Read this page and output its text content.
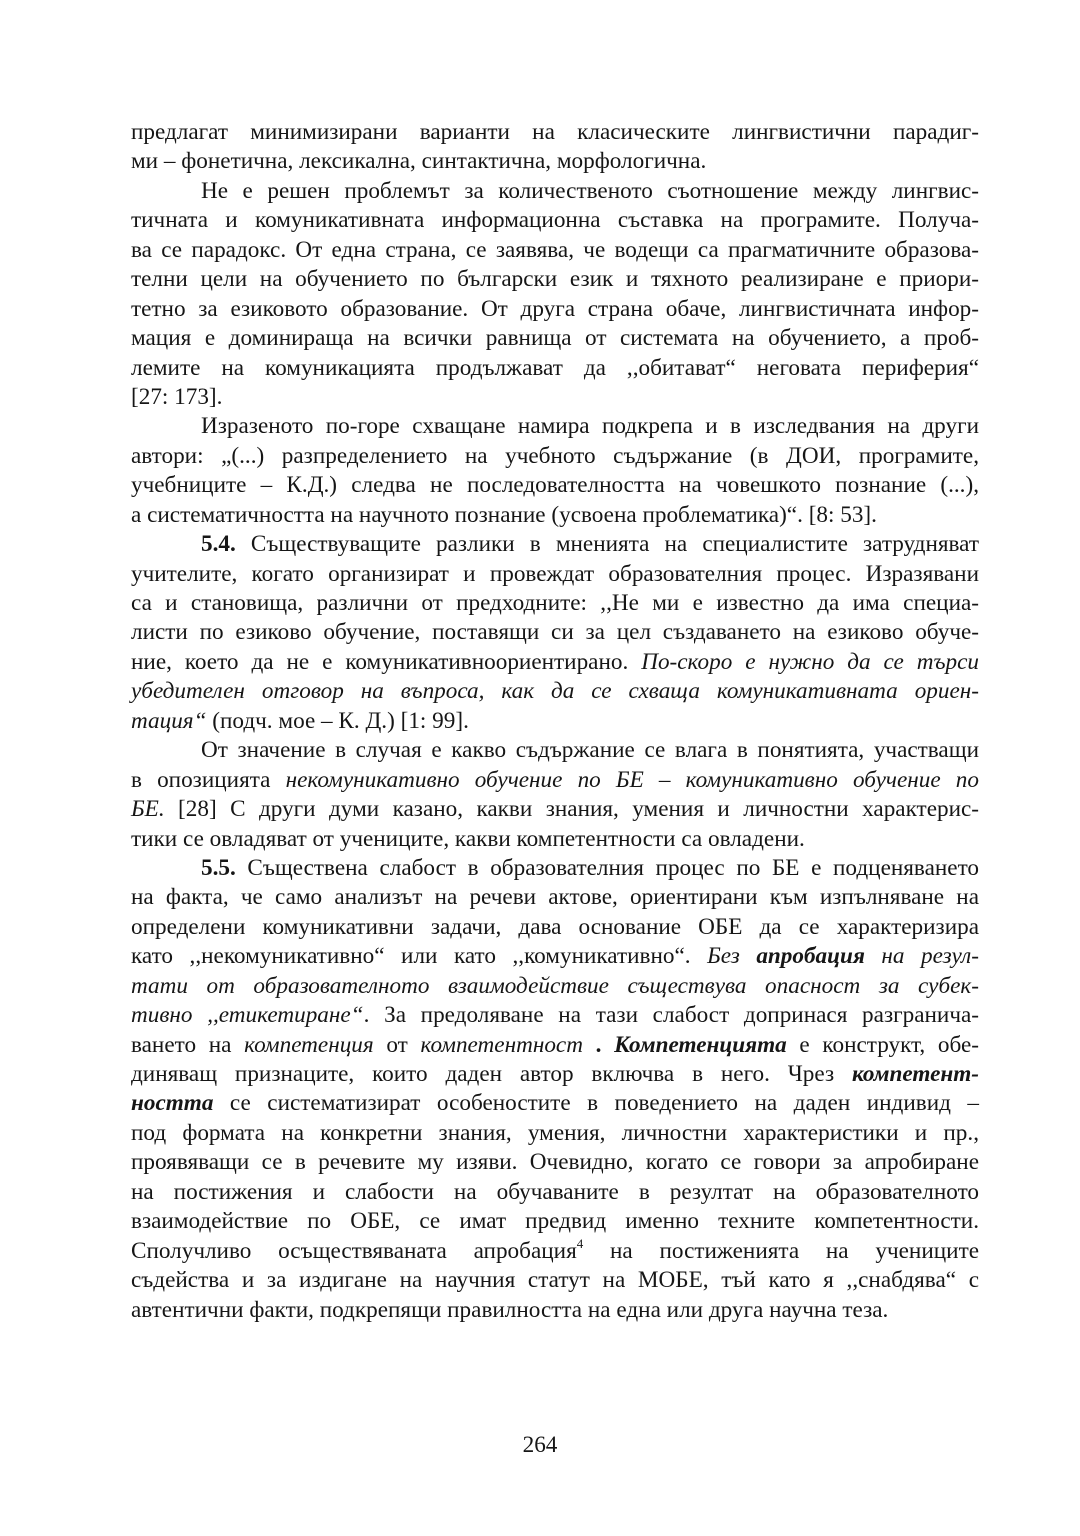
предлагат минимизирани варианти на класическите лингвистични парадиг-
ми – фонетична, лексикална, синтактична, морфологична.
Не е решен проблемът за количественото съотношение между лингвис-
тичната и комуникативната информационна съставка на програмите. Получа-
ва се парадокс. От една страна, се заявява, че водещи са прагматичните образова-
телни цели на обучението по български език и тяхното реализиране е приори-
тетно за езиковото образование. От друга страна обаче, лингвистичната инфор-
мация е доминираща на всички равнища от системата на обучението, а проб-
лемите на комуникацията продължават да ,,обитават“ неговата периферия“
[27: 173].
Изразеното по-горе схващане намира подкрепа и в изследвания на други
автори: „(...) разпределението на учебното съдържание (в ДОИ, програмите,
учебниците – К.Д.) следва не последователността на човешкото познание (...),
а систематичността на научното познание (усвоена проблематика)“. [8: 53].
5.4. Съществуващите разлики в мненията на специалистите затрудняват
учителите, когато организират и провеждат образователния процес. Изразявани
са и становища, различни от предходните: ,,Не ми е известно да има специа-
листи по езиково обучение, поставящи си за цел създаването на езиково обуче-
ние, което да не е комуникативноориентирано. По-скоро е нужно да се търси
убедителен отговор на въпроса, как да се схваща комуникативната ориен-
тация“ (подч. мое – К. Д.) [1: 99].
От значение в случая е какво съдържание се влага в понятията, участващи
в опозицията некомуникативно обучение по БЕ – комуникативно обучение по
БЕ. [28] С други думи казано, какви знания, умения и личностни характерис-
тики се овладяват от учениците, какви компетентности са овладени.
5.5. Съществена слабост в образователния процес по БЕ е подценяването
на факта, че само анализът на речеви актове, ориентирани към изпълняване на
определени комуникативни задачи, дава основание ОБЕ да се характеризира
като ,,некомуникативно“ или като ,,комуникативно“. Без апробация на резул-
тати от образователното взаимодействие съществува опасност за субек-
тивно ,,етикетиране“. За предоляване на тази слабост допринася разгранича-
ването на компетенция от компетентност . Компетенцията е конструкт, обе-
диняващ признаците, които даден автор включва в него. Чрез компетент-
ността се систематизират особеностите в поведението на даден индивид –
под формата на конкретни знания, умения, личностни характеристики и пр.,
проявяващи се в речевите му изяви. Очевидно, когато се говори за апробиране
на постижения и слабости на обучаваните в резултат на образователното
взаимодействие по ОБЕ, се имат предвид именно техните компетентности.
Сполучливо осъществяваната апробация$^4$ на постиженията на учениците
съдейства и за издигане на научния статут на МОБЕ, тъй като я ,,снабдява“ с
автентични факти, подкрепящи правилността на една или друга научна теза.
264
